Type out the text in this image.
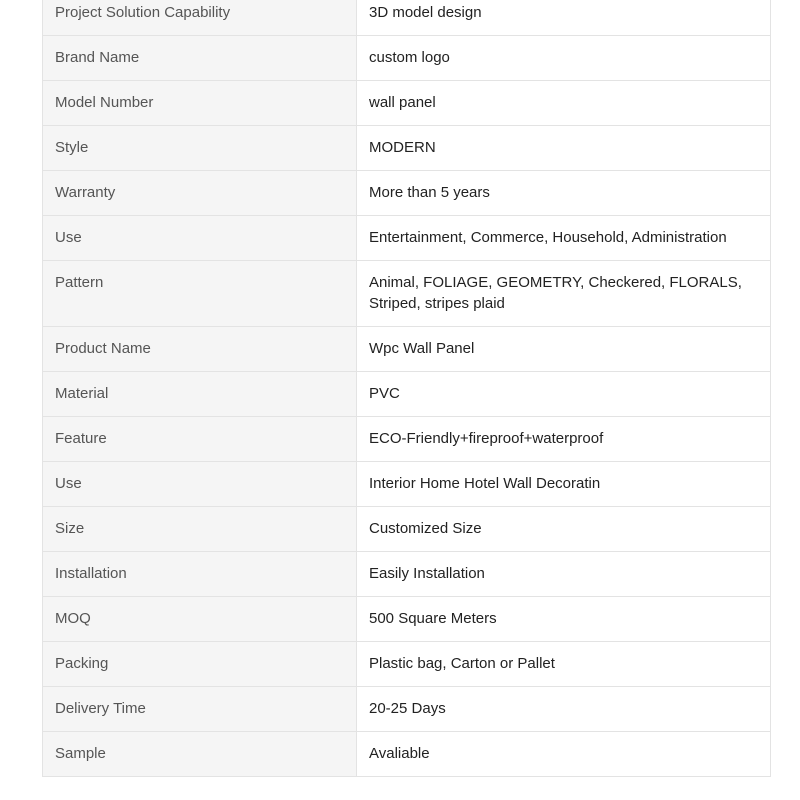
Project Solution Capability	3D model design
Brand Name	custom logo
Model Number	wall panel
Style	MODERN
Warranty	More than 5 years
Use	Entertainment, Commerce, Household, Administration
Pattern	Animal, FOLIAGE, GEOMETRY, Checkered, FLORALS, Striped, stripes plaid
Product Name	Wpc Wall Panel
Material	PVC
Feature	ECO-Friendly+fireproof+waterproof
Use	Interior Home Hotel Wall Decoratin
Size	Customized Size
Installation	Easily Installation
MOQ	500 Square Meters
Packing	Plastic bag, Carton or Pallet
Delivery Time	20-25 Days
Sample	Avaliable
